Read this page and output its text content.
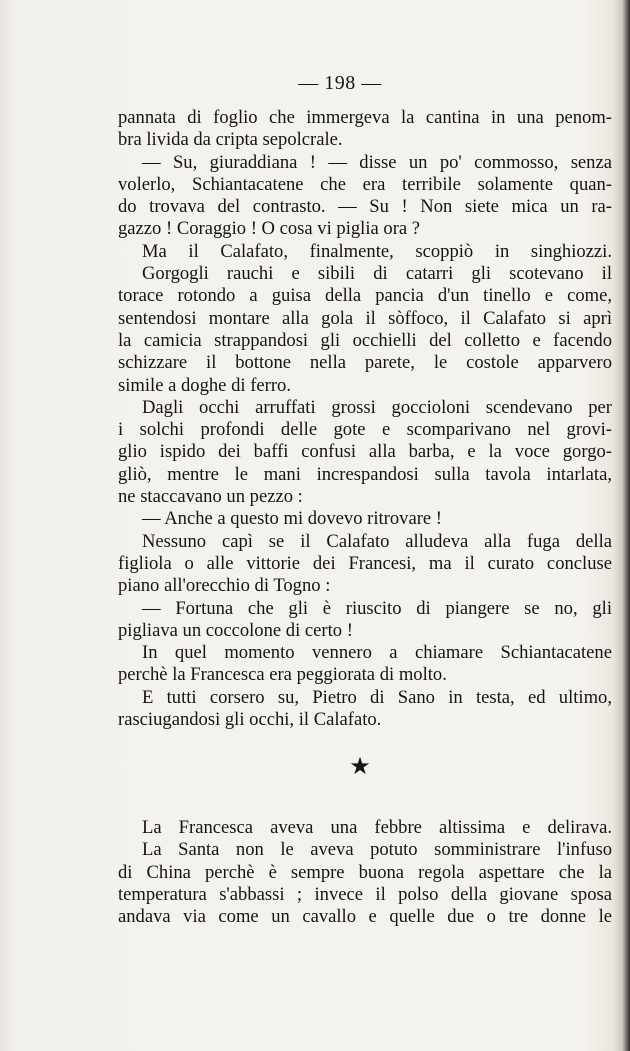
— 198 —
pannata di foglio che immergeva la cantina in una penom-
bra livida da cripta sepolcrale.
— Su, giuraddiana ! — disse un po' commosso, senza
volerlo, Schiantacatene che era terribile solamente quan-
do trovava del contrasto. — Su ! Non siete mica un ra-
gazzo ! Coraggio ! O cosa vi piglia ora ?
Ma il Calafato, finalmente, scoppiò in singhiozzi.
Gorgogli rauchi e sibili di catarri gli scotevano il
torace rotondo a guisa della pancia d'un tinello e come,
sentendosi montare alla gola il sòffoco, il Calafato si aprì
la camicia strappandosi gli occhielli del colletto e facendo
schizzare il bottone nella parete, le costole apparvero
simile a doghe di ferro.
Dagli occhi arruffati grossi goccioloni scendevano per
i solchi profondi delle gote e scomparivano nel grovi-
glio ispido dei baffi confusi alla barba, e la voce gorgo-
gliò, mentre le mani increspandosi sulla tavola intarlata,
ne staccavano un pezzo :
— Anche a questo mi dovevo ritrovare !
Nessuno capì se il Calafato alludeva alla fuga della
figliola o alle vittorie dei Francesi, ma il curato concluse
piano all'orecchio di Togno :
— Fortuna che gli è riuscito di piangere se no, gli
pigliava un coccolone di certo !
In quel momento vennero a chiamare Schiantacatene
perchè la Francesca era peggiorata di molto.
E tutti corsero su, Pietro di Sano in testa, ed ultimo,
rasciugandosi gli occhi, il Calafato.
★
La Francesca aveva una febbre altissima e delirava.
La Santa non le aveva potuto somministrare l'infuso
di China perchè è sempre buona regola aspettare che la
temperatura s'abbassi ; invece il polso della giovane sposa
andava via come un cavallo e quelle due o tre donne le
